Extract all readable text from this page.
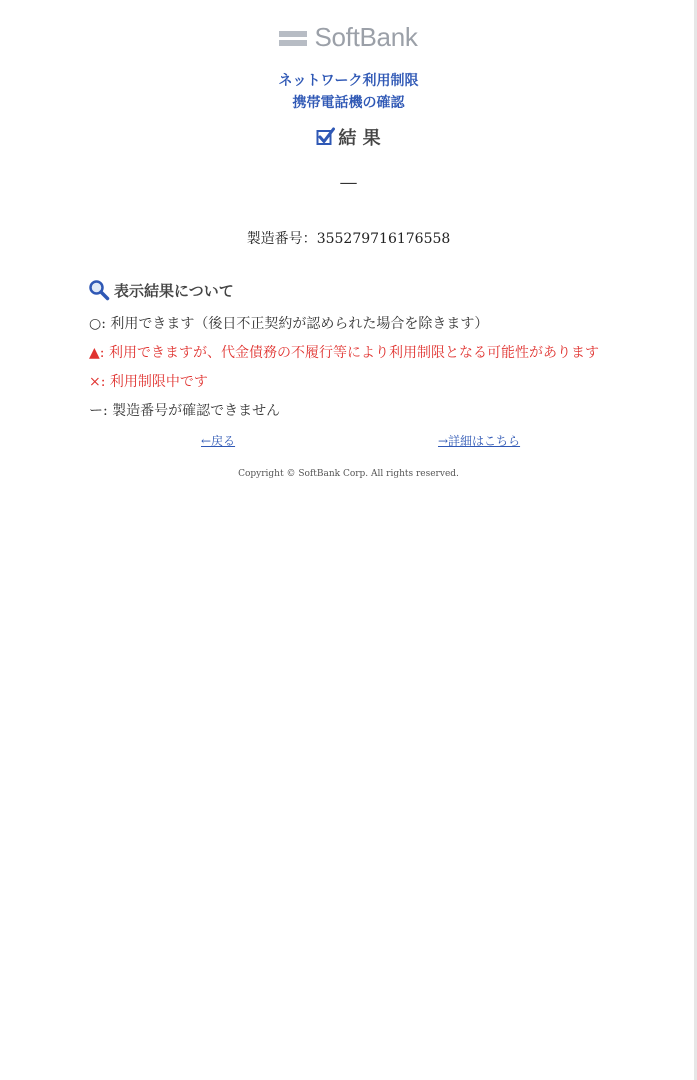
SoftBank
ネットワーク利用制限
携帯電話機の確認
結 果
—
製造番号：355279716176558
表示結果について
○: 利用できます（後日不正契約が認められた場合を除きます）
▲: 利用できますが、代金債務の不履行等により利用制限となる可能性があります
×: 利用制限中です
ー: 製造番号が確認できません
←戻る	→詳細はこちら
Copyright © SoftBank Corp. All rights reserved.
